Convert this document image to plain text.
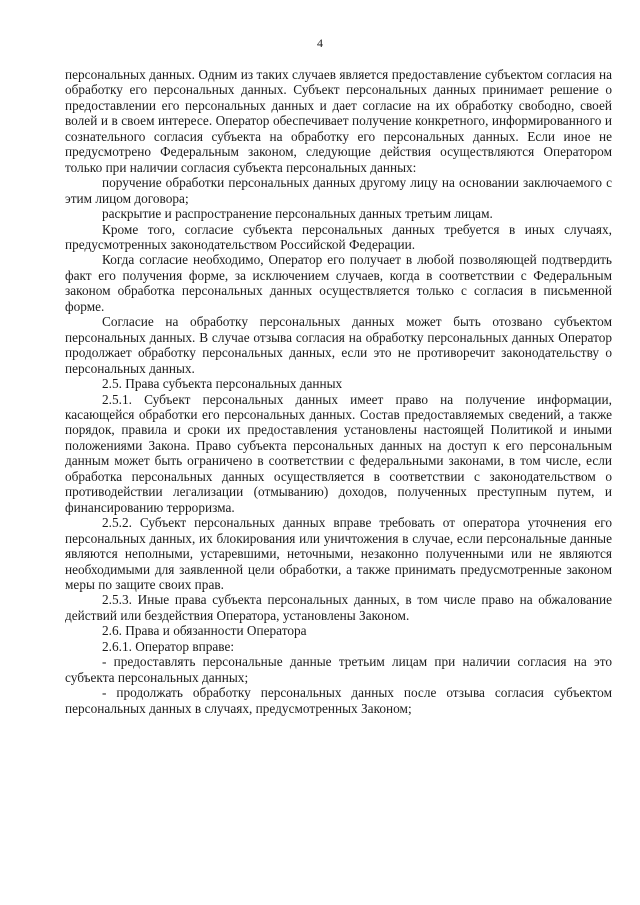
4

персональных данных. Одним из таких случаев является предоставление субъектом согласия на обработку его персональных данных. Субъект персональных данных принимает решение о предоставлении его персональных данных и дает согласие на их обработку свободно, своей волей и в своем интересе. Оператор обеспечивает получение конкретного, информированного и сознательного согласия субъекта на обработку его персональных данных. Если иное не предусмотрено Федеральным законом, следующие действия осуществляются Оператором только при наличии согласия субъекта персональных данных:

поручение обработки персональных данных другому лицу на основании заключаемого с этим лицом договора;

раскрытие и распространение персональных данных третьим лицам.

Кроме того, согласие субъекта персональных данных требуется в иных случаях, предусмотренных законодательством Российской Федерации.

Когда согласие необходимо, Оператор его получает в любой позволяющей подтвердить факт его получения форме, за исключением случаев, когда в соответствии с Федеральным законом обработка персональных данных осуществляется только с согласия в письменной форме.

Согласие на обработку персональных данных может быть отозвано субъектом персональных данных. В случае отзыва согласия на обработку персональных данных Оператор продолжает обработку персональных данных, если это не противоречит законодательству о персональных данных.

2.5. Права субъекта персональных данных

2.5.1. Субъект персональных данных имеет право на получение информации, касающейся обработки его персональных данных. Состав предоставляемых сведений, а также порядок, правила и сроки их предоставления установлены настоящей Политикой и иными положениями Закона. Право субъекта персональных данных на доступ к его персональным данным может быть ограничено в соответствии с федеральными законами, в том числе, если обработка персональных данных осуществляется в соответствии с законодательством о противодействии легализации (отмыванию) доходов, полученных преступным путем, и финансированию терроризма.

2.5.2. Субъект персональных данных вправе требовать от оператора уточнения его персональных данных, их блокирования или уничтожения в случае, если персональные данные являются неполными, устаревшими, неточными, незаконно полученными или не являются необходимыми для заявленной цели обработки, а также принимать предусмотренные законом меры по защите своих прав.

2.5.3. Иные права субъекта персональных данных, в том числе право на обжалование действий или бездействия Оператора, установлены Законом.

2.6. Права и обязанности Оператора

2.6.1. Оператор вправе:

- предоставлять персональные данные третьим лицам при наличии согласия на это субъекта персональных данных;

- продолжать обработку персональных данных после отзыва согласия субъектом персональных данных в случаях, предусмотренных Законом;
